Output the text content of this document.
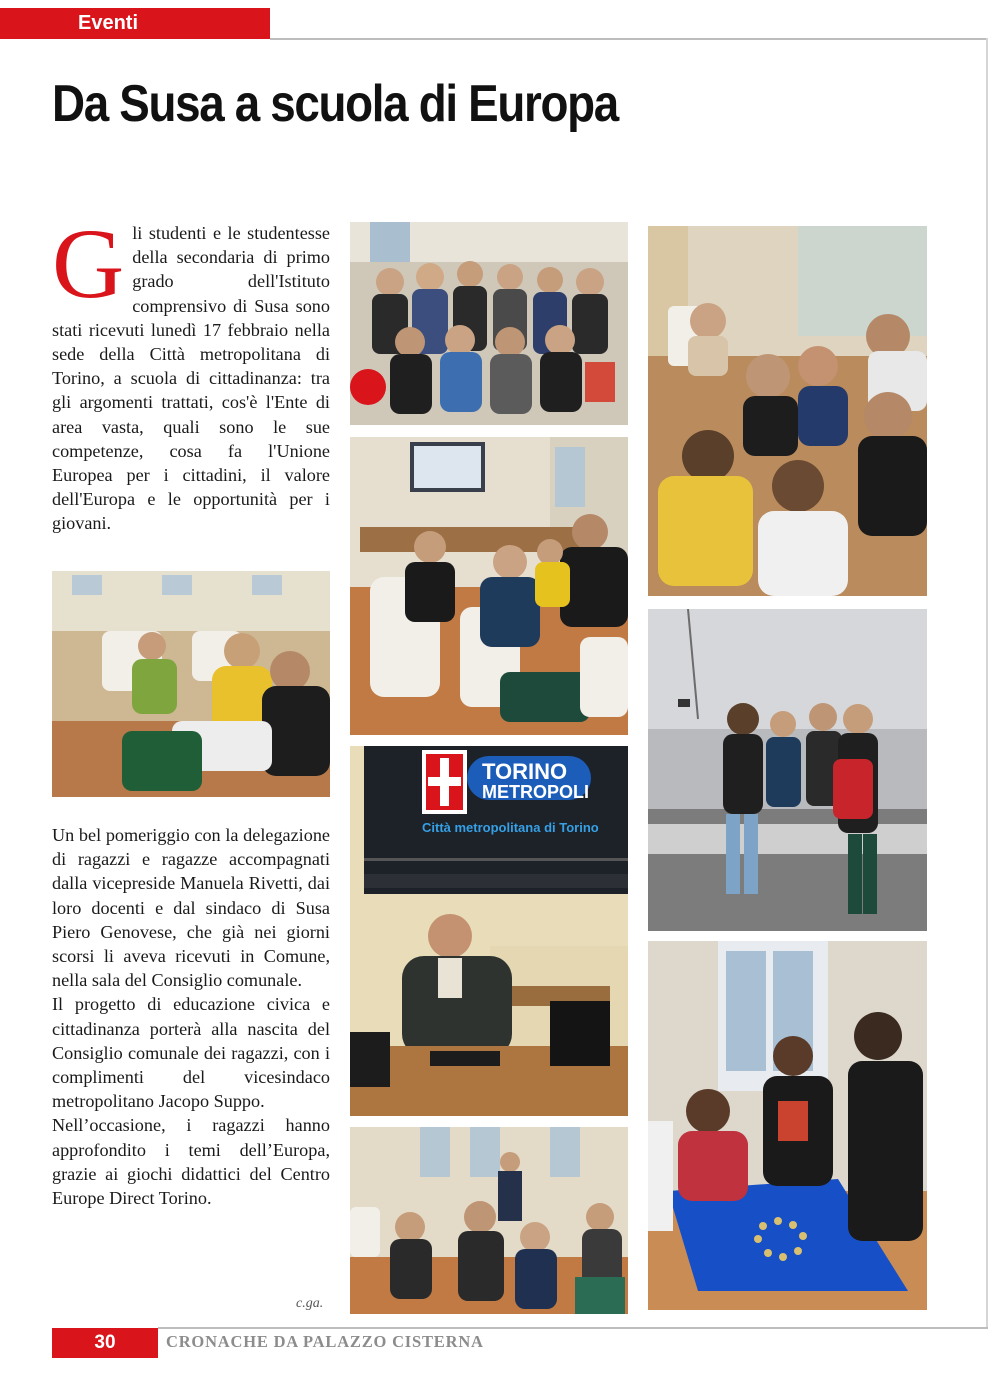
Eventi
Da Susa a scuola di Europa
Gli studenti e le studentesse della secondaria di primo grado dell'Istituto comprensivo di Susa sono stati ricevuti lunedì 17 febbraio nella sede della Città metropolitana di Torino, a scuola di cittadinanza: tra gli argomenti trattati, cos'è l'Ente di area vasta, quali sono le sue competenze, cosa fa l'Unione Europea per i cittadini, il valore dell'Europa e le opportunità per i giovani.

Un bel pomeriggio con la delegazione di ragazzi e ragazze accompagnati dalla vicepreside Manuela Rivetti, dai loro docenti e dal sindaco di Susa Piero Genovese, che già nei giorni scorsi li aveva ricevuti in Comune, nella sala del Consiglio comunale.

Il progetto di educazione civica e cittadinanza porterà alla nascita del Consiglio comunale dei ragazzi, con i complimenti del vicesindaco metropolitano Jacopo Suppo.

Nell’occasione, i ragazzi hanno approfondito i temi dell’Europa, grazie ai giochi didattici del Centro Europe Direct Torino.

c.ga.
TORINO
METROPOLI
Città metropolitana di Torino
30	CRONACHE DA PALAZZO CISTERNA
